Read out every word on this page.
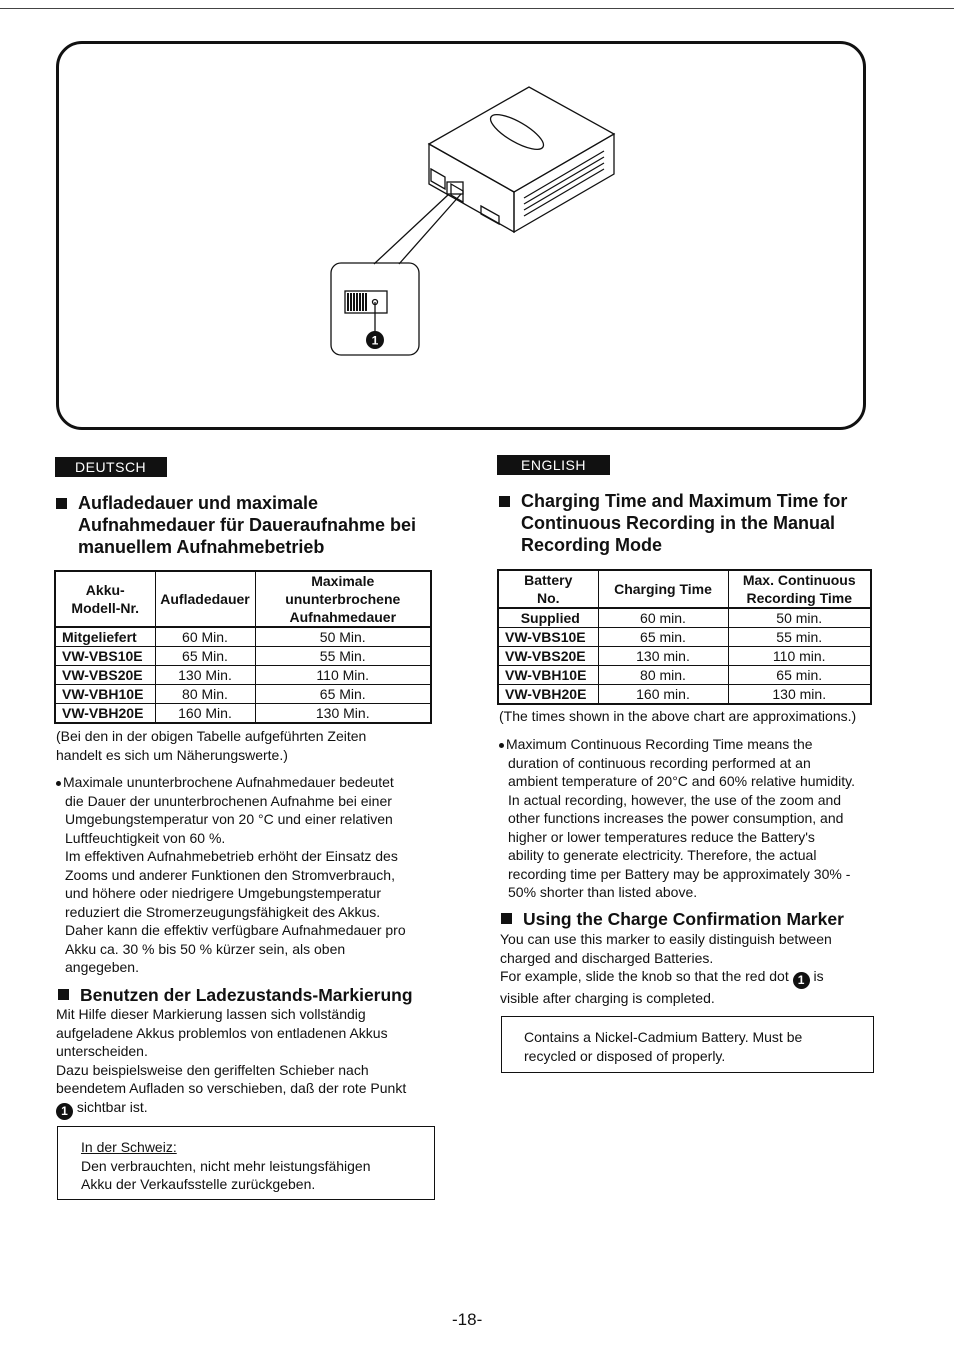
1
DEUTSCH

Aufladedauer und maximale
Aufnahmedauer für Daueraufnahme bei
manuellem Aufnahmebetrieb

Akku-
Modell-Nr.	Aufladedauer	Maximale
ununterbrochene
Aufnahmedauer
Mitgeliefert	60 Min.	50 Min.
VW-VBS10E	65 Min.	55 Min.
VW-VBS20E	130 Min.	110 Min.
VW-VBH10E	80 Min.	65 Min.
VW-VBH20E	160 Min.	130 Min.

(Bei den in der obigen Tabelle aufgeführten Zeiten
handelt es sich um Näherungswerte.)

Maximale ununterbrochene Aufnahmedauer bedeutet
die Dauer der ununterbrochenen Aufnahme bei einer
Umgebungstemperatur von 20 °C und einer relativen
Luftfeuchtigkeit von 60 %.
Im effektiven Aufnahmebetrieb erhöht der Einsatz des
Zooms und anderer Funktionen den Stromverbrauch,
und höhere oder niedrigere Umgebungstemperatur
reduziert die Stromerzeugungsfähigkeit des Akkus.
Daher kann die effektiv verfügbare Aufnahmedauer pro
Akku ca. 30 % bis 50 % kürzer sein, als oben
angegeben.

Benutzen der Ladezustands-Markierung

Mit Hilfe dieser Markierung lassen sich vollständig
aufgeladene Akkus problemlos von entladenen Akkus
unterscheiden.
Dazu beispielsweise den geriffelten Schieber nach
beendetem Aufladen so verschieben, daß der rote Punkt
1 sichtbar ist.

In der Schweiz:
Den verbrauchten, nicht mehr leistungsfähigen
Akku der Verkaufsstelle zurückgeben.
ENGLISH

Charging Time and Maximum Time for
Continuous Recording in the Manual
Recording Mode

Battery
No.	Charging Time	Max. Continuous
Recording Time
Supplied	60 min.	50 min.
VW-VBS10E	65 min.	55 min.
VW-VBS20E	130 min.	110 min.
VW-VBH10E	80 min.	65 min.
VW-VBH20E	160 min.	130 min.

(The times shown in the above chart are approximations.)

Maximum Continuous Recording Time means the
duration of continuous recording performed at an
ambient temperature of 20°C and 60% relative humidity.
In actual recording, however, the use of the zoom and
other functions increases the power consumption, and
higher or lower temperatures reduce the Battery's
ability to generate electricity. Therefore, the actual
recording time per Battery may be approximately 30% -
50% shorter than listed above.

Using the Charge Confirmation Marker

You can use this marker to easily distinguish between
charged and discharged Batteries.
For example, slide the knob so that the red dot 1 is
visible after charging is completed.

Contains a Nickel-Cadmium Battery. Must be
recycled or disposed of properly.
-18-
